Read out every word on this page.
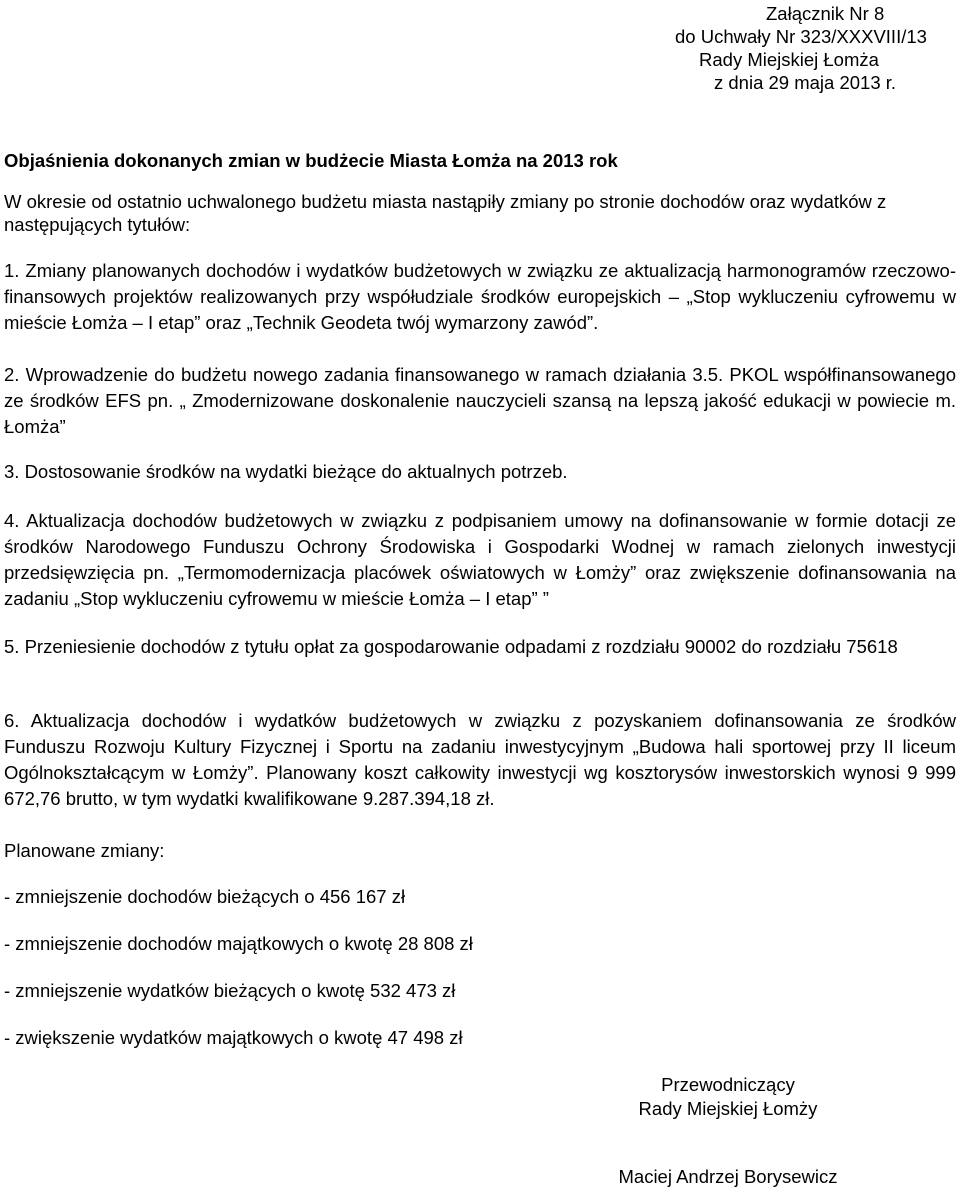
Załącznik Nr 8
do Uchwały Nr 323/XXXVIII/13
Rady Miejskiej Łomża
z dnia 29 maja 2013 r.
Objaśnienia dokonanych zmian w budżecie Miasta Łomża na 2013 rok
W okresie od ostatnio uchwalonego budżetu miasta nastąpiły zmiany po stronie dochodów oraz wydatków z następujących tytułów:
1. Zmiany planowanych dochodów i wydatków budżetowych w związku ze aktualizacją harmonogramów rzeczowo-finansowych projektów realizowanych przy współudziale środków europejskich – „Stop wykluczeniu cyfrowemu w mieście Łomża – I etap” oraz „Technik Geodeta twój wymarzony zawód”.
2. Wprowadzenie do budżetu nowego zadania finansowanego w ramach działania 3.5. PKOL współfinansowanego ze środków EFS pn. „ Zmodernizowane doskonalenie nauczycieli szansą na lepszą jakość edukacji w powiecie m. Łomża”
3. Dostosowanie środków na wydatki bieżące do aktualnych potrzeb.
4. Aktualizacja dochodów budżetowych w związku z podpisaniem umowy na dofinansowanie w formie dotacji ze środków Narodowego Funduszu Ochrony Środowiska i Gospodarki Wodnej w ramach zielonych inwestycji przedsięwzięcia pn. „Termomodernizacja placówek oświatowych w Łomży” oraz zwiększenie dofinansowania na zadaniu „Stop wykluczeniu cyfrowemu w mieście Łomża – I etap” ”
5. Przeniesienie dochodów z tytułu opłat za gospodarowanie odpadami z rozdziału 90002 do rozdziału 75618
6. Aktualizacja dochodów i wydatków budżetowych w związku z pozyskaniem dofinansowania ze środków Funduszu Rozwoju Kultury Fizycznej i Sportu na zadaniu inwestycyjnym „Budowa hali sportowej przy II liceum Ogólnokształcącym w Łomży”. Planowany koszt całkowity inwestycji wg kosztorysów inwestorskich wynosi 9 999 672,76 brutto, w tym wydatki kwalifikowane 9.287.394,18 zł.
Planowane zmiany:
- zmniejszenie dochodów bieżących o 456 167 zł
- zmniejszenie dochodów majątkowych o kwotę 28 808 zł
- zmniejszenie wydatków bieżących o kwotę 532 473 zł
- zwiększenie wydatków majątkowych o kwotę 47 498 zł
Przewodniczący
Rady Miejskiej Łomży
Maciej Andrzej Borysewicz
